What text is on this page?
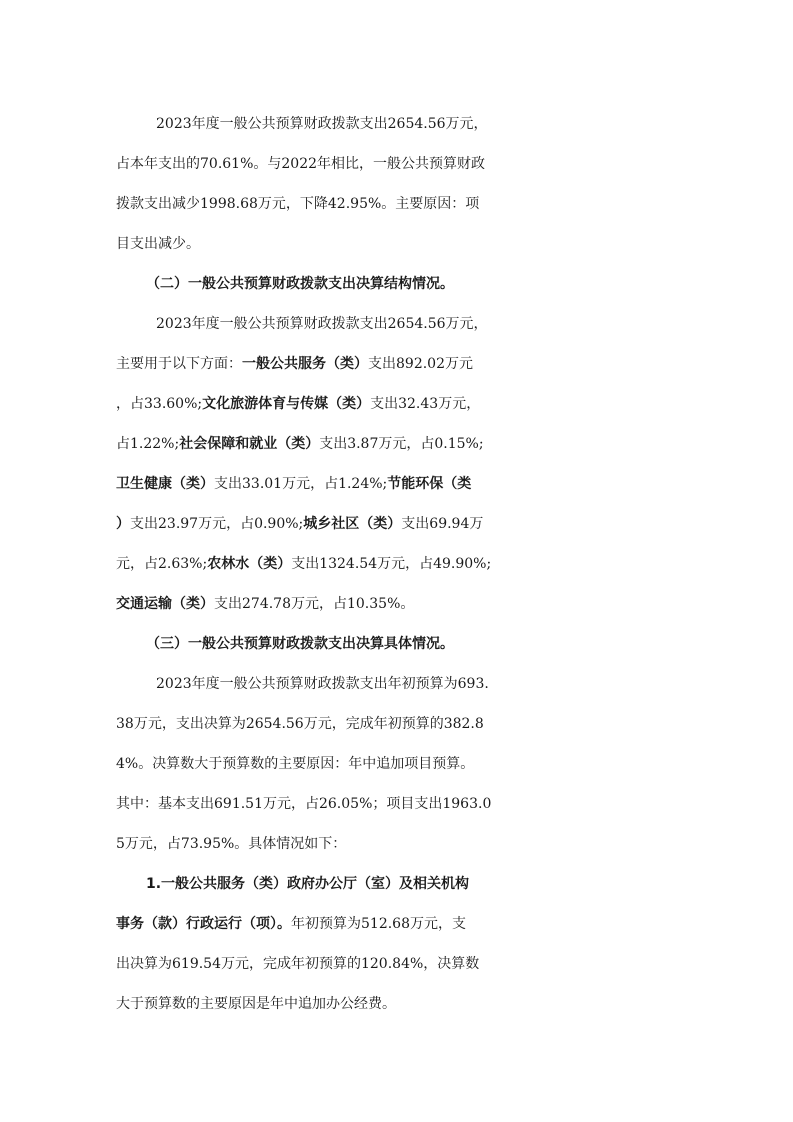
2023年度一般公共预算财政拨款支出2654.56万元，
占本年支出的70.61%。与2022年相比，一般公共预算财政
拨款支出减少1998.68万元，下降42.95%。主要原因：项
目支出减少。
（二）一般公共预算财政拨款支出决算结构情况。
2023年度一般公共预算财政拨款支出2654.56万元，
主要用于以下方面：一般公共服务（类）支出892.02万元
，占33.60%;文化旅游体育与传媒（类）支出32.43万元，
占1.22%;社会保障和就业（类）支出3.87万元，占0.15%;
卫生健康（类）支出33.01万元，占1.24%;节能环保（类
）支出23.97万元，占0.90%;城乡社区（类）支出69.94万
元，占2.63%;农林水（类）支出1324.54万元，占49.90%;
交通运输（类）支出274.78万元，占10.35%。
（三）一般公共预算财政拨款支出决算具体情况。
2023年度一般公共预算财政拨款支出年初预算为693.
38万元，支出决算为2654.56万元，完成年初预算的382.8
4%。决算数大于预算数的主要原因：年中追加项目预算。
其中：基本支出691.51万元，占26.05%；项目支出1963.0
5万元，占73.95%。具体情况如下：
1.一般公共服务（类）政府办公厅（室）及相关机构
事务（款）行政运行（项）。年初预算为512.68万元，支
出决算为619.54万元，完成年初预算的120.84%，决算数
大于预算数的主要原因是年中追加办公经费。
